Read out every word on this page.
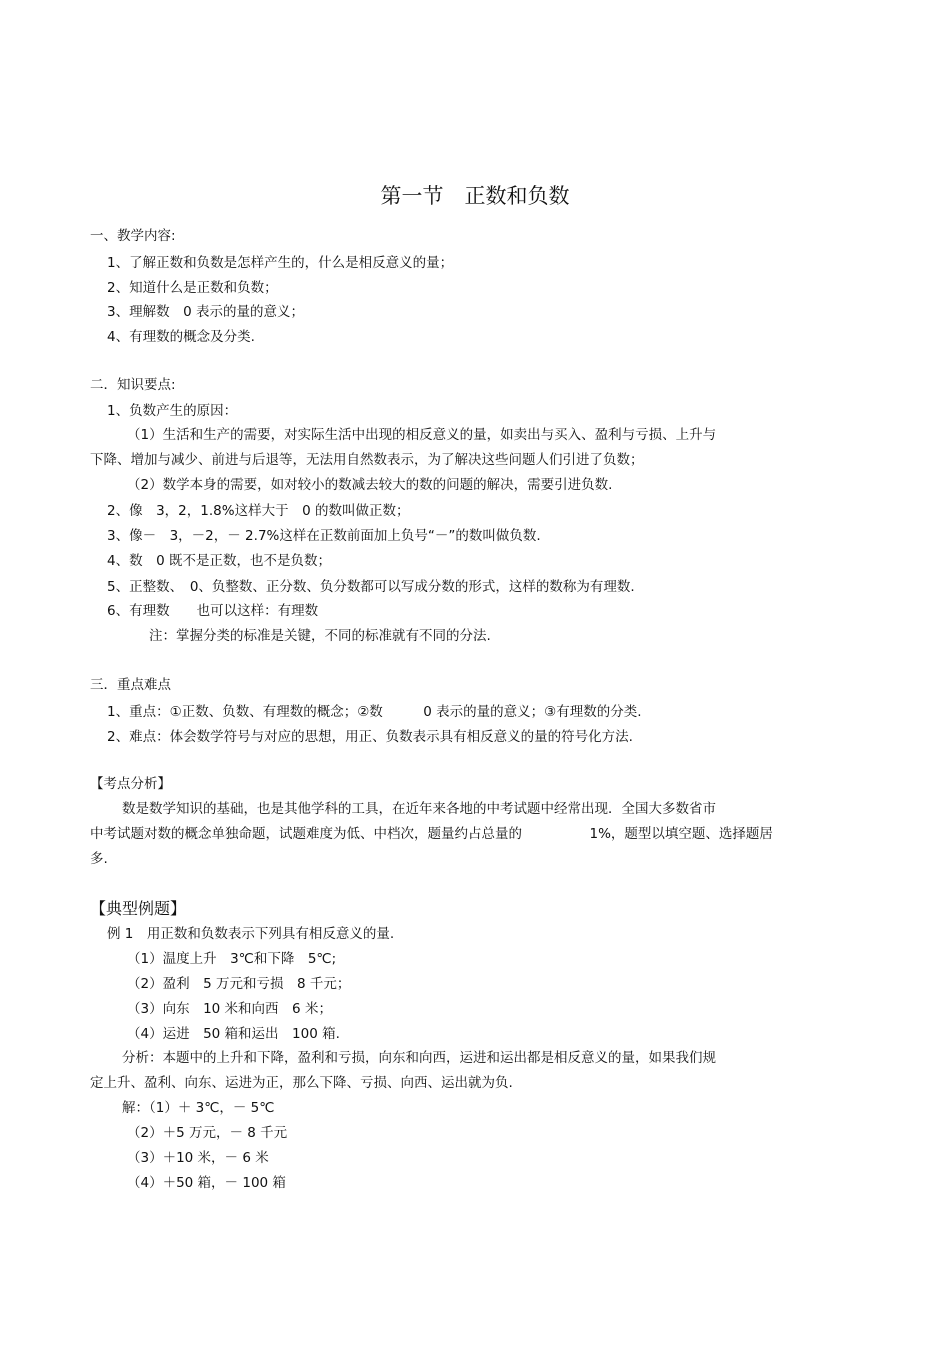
第一节　正数和负数
一、教学内容:
1、了解正数和负数是怎样产生的，什么是相反意义的量；
2、知道什么是正数和负数；
3、理解数　0 表示的量的意义；
4、有理数的概念及分类.
二．知识要点:
1、负数产生的原因：
（1）生活和生产的需要，对实际生活中出现的相反意义的量，如卖出与买入、盈利与亏损、上升与
下降、增加与减少、前进与后退等，无法用自然数表示，为了解决这些问题人们引进了负数；
（2）数学本身的需要，如对较小的数减去较大的数的问题的解决，需要引进负数.
2、像　3，2，1.8%这样大于　0 的数叫做正数；
3、像－　3，－2，－ 2.7%这样在正数前面加上负号“－”的数叫做负数.
4、数　0 既不是正数，也不是负数；
5、正整数、　0、负整数、正分数、负分数都可以写成分数的形式，这样的数称为有理数.
6、有理数　　也可以这样：有理数
注：掌握分类的标准是关键，不同的标准就有不同的分法.
三．重点难点
1、重点：①正数、负数、有理数的概念；②数　　　0 表示的量的意义；③有理数的分类.
2、难点：体会数学符号与对应的思想，用正、负数表示具有相反意义的量的符号化方法.
【考点分析】
数是数学知识的基础，也是其他学科的工具，在近年来各地的中考试题中经常出现．全国大多数省市
中考试题对数的概念单独命题，试题难度为低、中档次，题量约占总量的　　　　　1%，题型以填空题、选择题居
多.
【典型例题】
例 1　用正数和负数表示下列具有相反意义的量.
（1）温度上升　3℃和下降　5℃;
（2）盈利　5 万元和亏损　8 千元；
（3）向东　10 米和向西　6 米；
（4）运进　50 箱和运出　100 箱.
分析：本题中的上升和下降，盈利和亏损，向东和向西，运进和运出都是相反意义的量，如果我们规
定上升、盈利、向东、运进为正，那么下降、亏损、向西、运出就为负.
解：（1）＋ 3℃，－ 5℃
（2）＋5 万元，－ 8 千元
（3）＋10 米，－ 6 米
（4）＋50 箱，－ 100 箱
